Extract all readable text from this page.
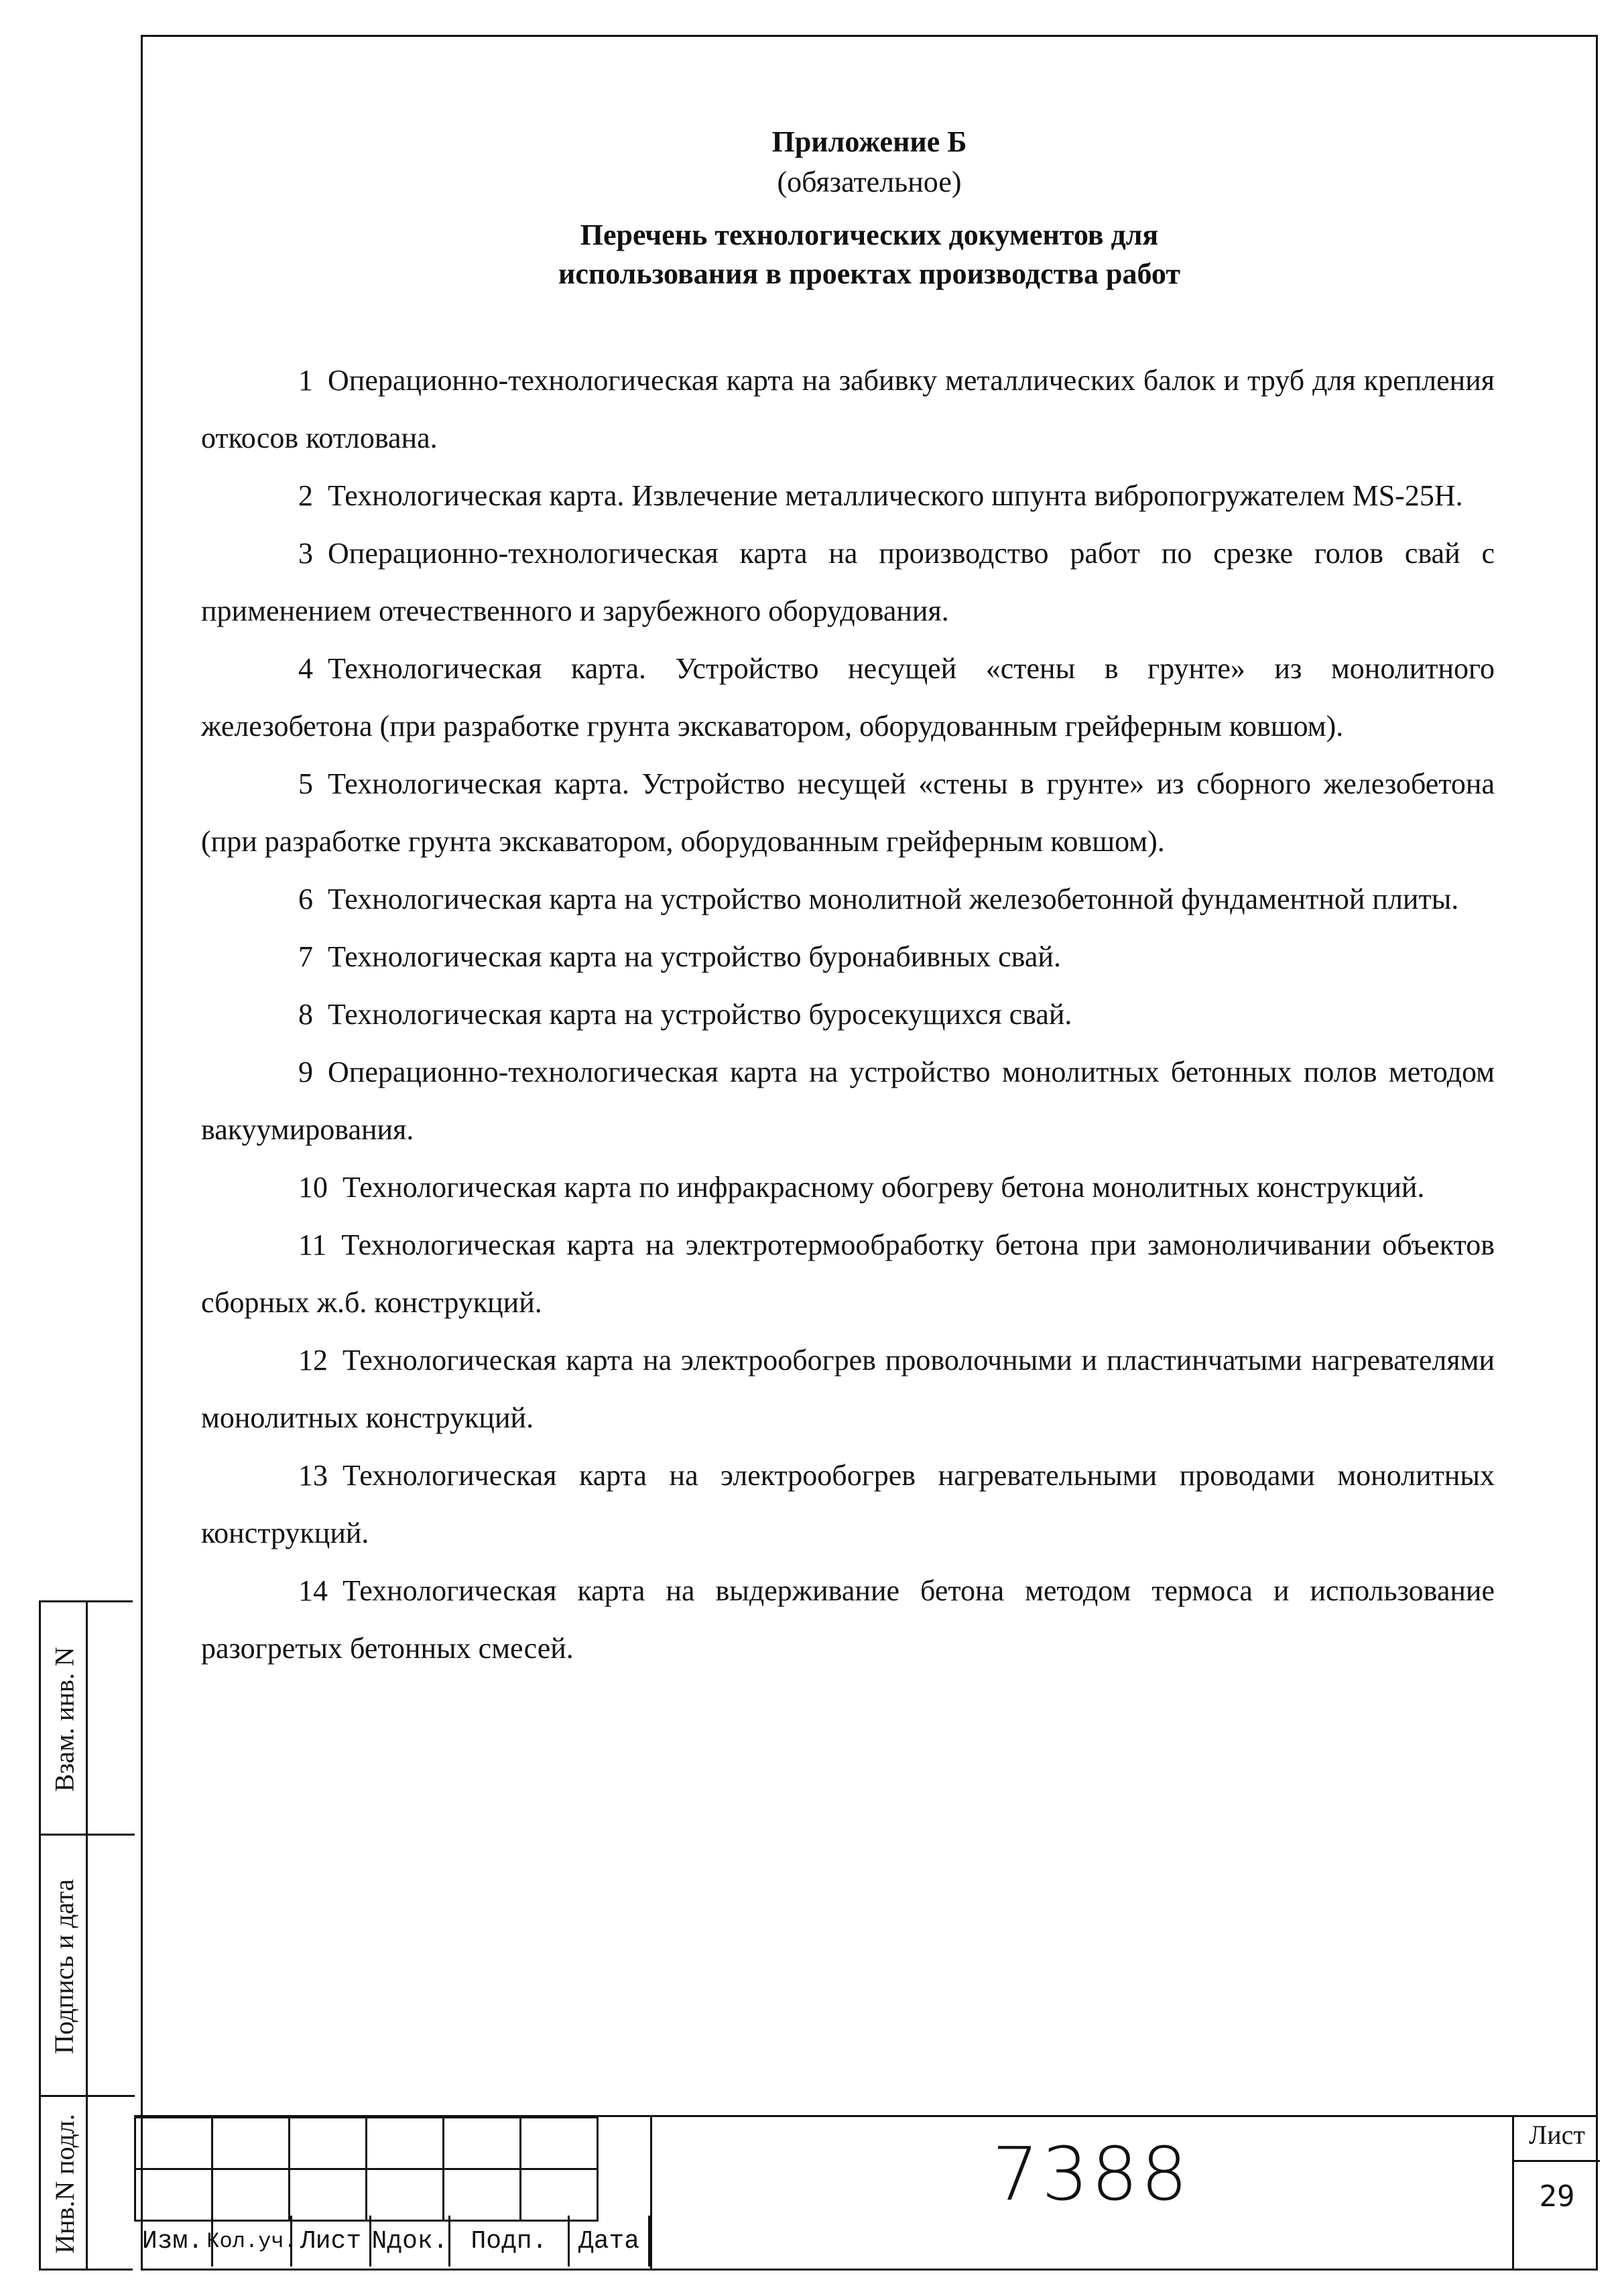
Приложение Б
(обязательное)
Перечень технологических документов для
использования в проектах производства работ

1 Операционно-технологическая карта на забивку металлических балок и труб для крепления откосов котлована.

2 Технологическая карта. Извлечение металлического шпунта вибропогружателем MS-25H.

3 Операционно-технологическая карта на производство работ по срезке голов свай с применением отечественного и зарубежного оборудования.

4 Технологическая карта. Устройство несущей «стены в грунте» из монолитного железобетона (при разработке грунта экскаватором, оборудованным грейферным ковшом).

5 Технологическая карта. Устройство несущей «стены в грунте» из сборного железобетона (при разработке грунта экскаватором, оборудованным грейферным ковшом).

6 Технологическая карта на устройство монолитной железобетонной фундаментной плиты.

7 Технологическая карта на устройство буронабивных свай.

8 Технологическая карта на устройство буросекущихся свай.

9 Операционно-технологическая карта на устройство монолитных бетонных полов методом вакуумирования.

10 Технологическая карта по инфракрасному обогреву бетона монолитных конструкций.

11 Технологическая карта на электротермообработку бетона при замоноличивании объектов сборных ж.б. конструкций.

12 Технологическая карта на электрообогрев проволочными и пластинчатыми нагревателями монолитных конструкций.

13 Технологическая карта на электрообогрев нагревательными проводами монолитных конструкций.

14 Технологическая карта на выдерживание бетона методом термоса и использование разогретых бетонных смесей.

Взам. инв. N
Подпись и дата
Инв.N подл.

						Изм. Кол.уч. Лист Nдок. Подп.	Дата
7388	Лист
29
